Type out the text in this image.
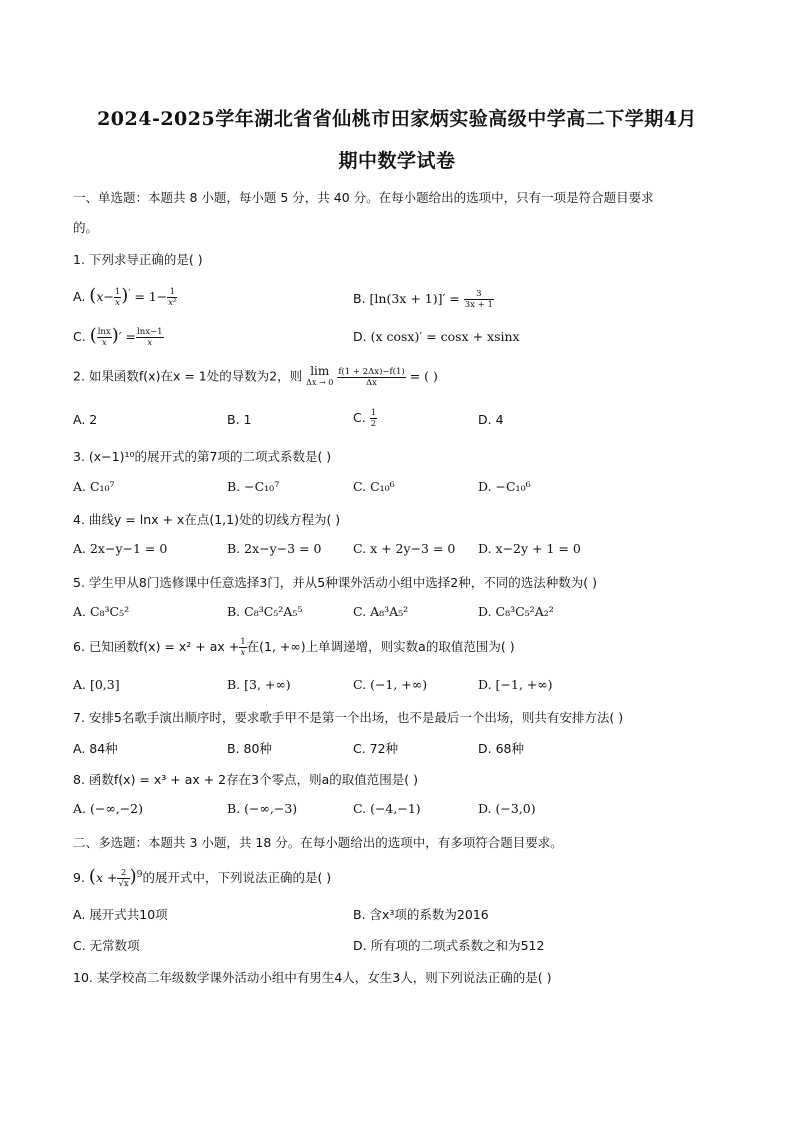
2024-2025学年湖北省省仙桃市田家炳实验高级中学高二下学期4月
期中数学试卷
一、单选题：本题共 8 小题，每小题 5 分，共 40 分。在每小题给出的选项中，只有一项是符合题目要求
的。
1. 下列求导正确的是( )
A. $(x- \frac{1}{x} )' = 1- \frac{1}{\text{x²}}$	B. $[\ln(3x + 1)]' = \frac{3}{3x + 1}$
C. ( $\frac{\ln x}{x}$ )′ = $\frac{\ln x-1}{x}$	D. (x cosx)′ = cosx + xsinx
2. 如果函数f(x)在x = 1处的导数为2，则 lim
Δx → 0
$\frac{f(1 + 2\Delta x)-f(1)}{\Delta x}$ = ( )
A. 2	B. 1	C. $\frac{1}{2}$	D. 4
3. (x−1)¹⁰的展开式的第7项的二项式系数是( )
A. C₁₀⁷	B. −C₁₀⁷	C. C₁₀⁶	D. −C₁₀⁶
4. 曲线y = lnx + x在点(1,1)处的切线方程为( )
A. 2x−y−1 = 0	B. 2x−y−3 = 0	C. x + 2y−3 = 0 D. x−2y + 1 = 0
5. 学生甲从8门选修课中任意选择3门，并从5种课外活动小组中选择2种，不同的选法种数为( )
A. C₈³C₅²	B. C₈³C₅²A₅⁵	C. A₈³A₅²	D. C₈³C₅²A₂²
6. 已知函数f(x) = x² + ax + $\frac{1}{x}$ 在(1, +∞)上单调递增，则实数a的取值范围为( )
A. [0,3]	B. [3, +∞)	C. (−1, +∞)	D. [−1, +∞)
7. 安排5名歌手演出顺序时，要求歌手甲不是第一个出场，也不是最后一个出场，则共有安排方法( )
A. 84种	B. 80种	C. 72种	D. 68种
8. 函数f(x) = x³ + ax + 2存在3个零点，则a的取值范围是( )
A. (−∞,−2)	B. (−∞,−3)	C. (−4,−1)	D. (−3,0)
二、多选题：本题共 3 小题，共 18 分。在每小题给出的选项中，有多项符合题目要求。
9. $(x + \frac{2}{√x} )^9$的展开式中，下列说法正确的是( )
A. 展开式共10项	B. 含x³项的系数为2016
C. 无常数项	D. 所有项的二项式系数之和为512
10. 某学校高二年级数学课外活动小组中有男生4人，女生3人，则下列说法正确的是( )
